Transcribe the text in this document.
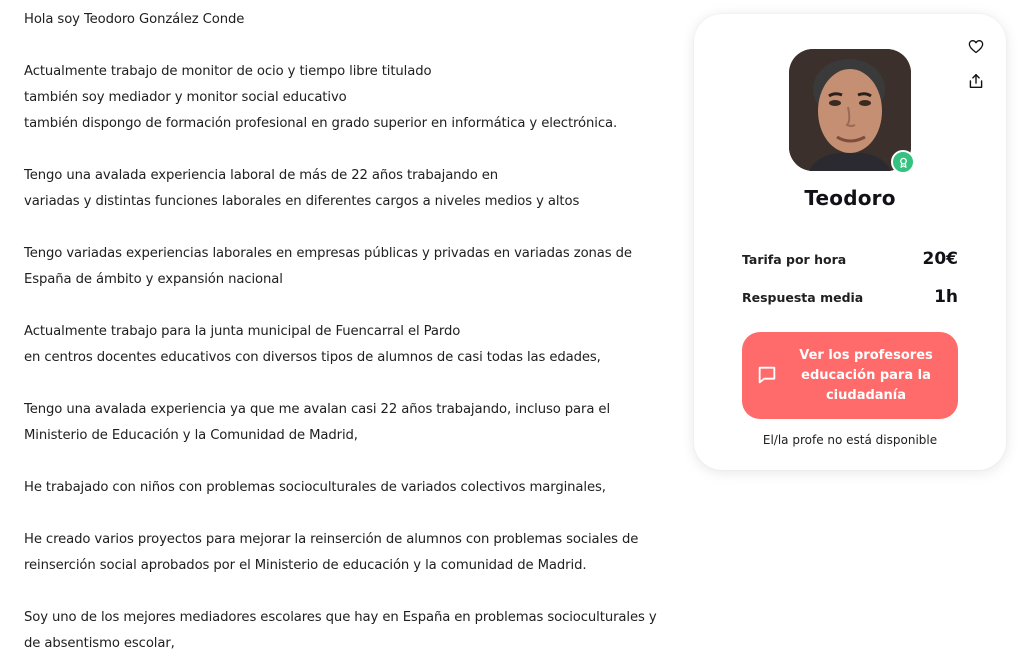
Hola soy Teodoro González Conde

Actualmente trabajo de monitor de ocio y tiempo libre titulado

también soy mediador y monitor social educativo

también dispongo de formación profesional en grado superior en informática y electrónica.

Tengo una avalada experiencia laboral de más de 22 años trabajando en

variadas y distintas funciones laborales en diferentes cargos a niveles medios y altos

Tengo variadas experiencias laborales en empresas públicas y privadas en variadas zonas de

España de ámbito y expansión nacional

Actualmente trabajo para la junta municipal de Fuencarral el Pardo

en centros docentes educativos con diversos tipos de alumnos de casi todas las edades,

Tengo una avalada experiencia ya que me avalan casi 22 años trabajando, incluso para el

Ministerio de Educación y la Comunidad de Madrid,

He trabajado con niños con problemas socioculturales de variados colectivos marginales,

He creado varios proyectos para mejorar la reinserción de alumnos con problemas sociales de

reinserción social aprobados por el Ministerio de educación y la comunidad de Madrid.

Soy uno de los mejores mediadores escolares que hay en España en problemas socioculturales y

de absentismo escolar,

Teodoro
Tarifa por hora	20€
Respuesta media	1h
Ver los profesores educación para la ciudadanía
El/la profe no está disponible
